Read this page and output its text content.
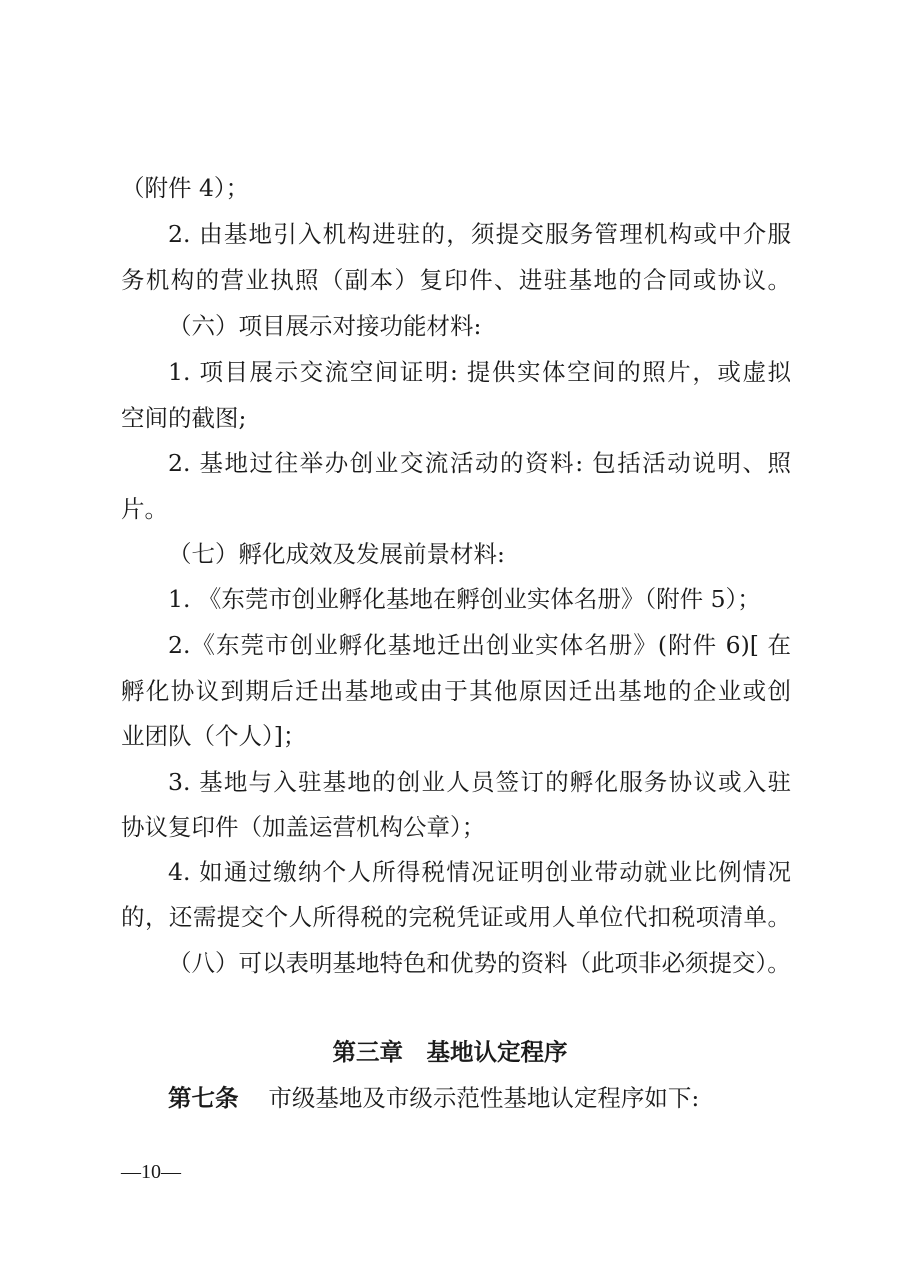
（附件 4）；
2. 由基地引入机构进驻的，须提交服务管理机构或中介服
务机构的营业执照（副本）复印件、进驻基地的合同或协议。
（六）项目展示对接功能材料:
1. 项目展示交流空间证明: 提供实体空间的照片，或虚拟
空间的截图;
2. 基地过往举办创业交流活动的资料: 包括活动说明、照
片。
（七）孵化成效及发展前景材料:
1. 《东莞市创业孵化基地在孵创业实体名册》（附件 5）；
2.《东莞市创业孵化基地迁出创业实体名册》(附件 6)[ 在
孵化协议到期后迁出基地或由于其他原因迁出基地的企业或创
业团队（个人）]；
3. 基地与入驻基地的创业人员签订的孵化服务协议或入驻
协议复印件（加盖运营机构公章）；
4. 如通过缴纳个人所得税情况证明创业带动就业比例情况
的，还需提交个人所得税的完税凭证或用人单位代扣税项清单。
（八）可以表明基地特色和优势的资料（此项非必须提交）。
第三章　基地认定程序
第七条 市级基地及市级示范性基地认定程序如下:
—10—
